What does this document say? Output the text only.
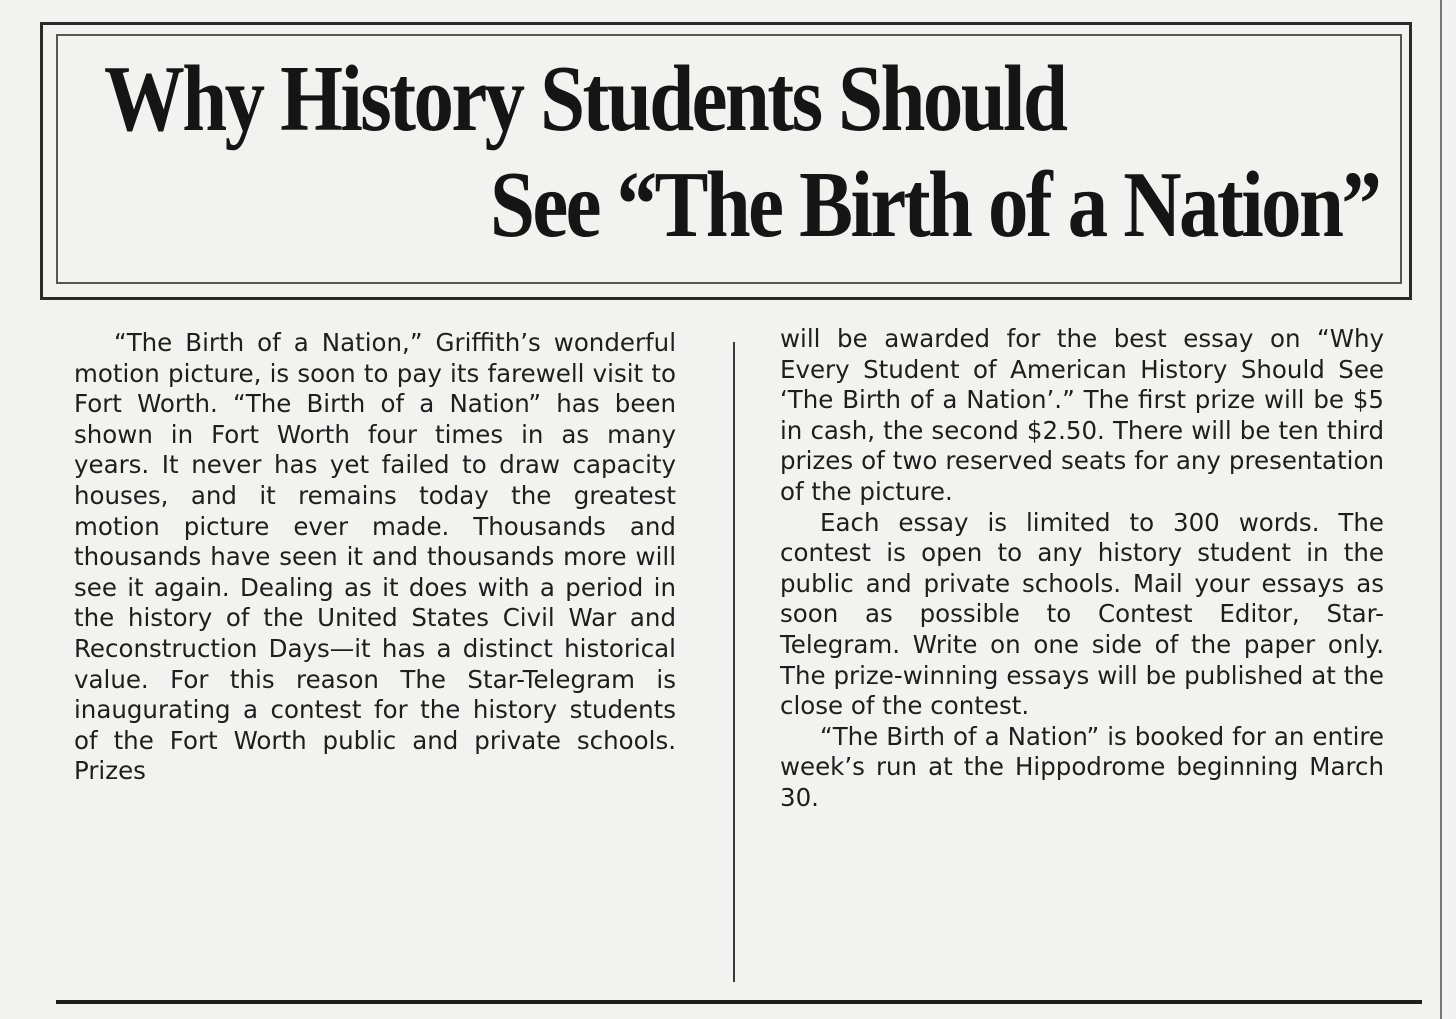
Why History Students Should
See “The Birth of a Nation”

“The Birth of a Nation,” Griffith’s wonderful motion picture, is soon to pay its farewell visit to Fort Worth. “The Birth of a Nation” has been shown in Fort Worth four times in as many years. It never has yet failed to draw capacity houses, and it remains today the greatest motion picture ever made. Thousands and thousands have seen it and thousands more will see it again. Dealing as it does with a period in the history of the United States Civil War and Reconstruction Days—it has a distinct historical value. For this reason The Star-Telegram is inaugurating a contest for the history students of the Fort Worth public and private schools. Prizes

will be awarded for the best essay on “Why Every Student of American History Should See ‘The Birth of a Nation’.” The first prize will be $5 in cash, the second $2.50. There will be ten third prizes of two reserved seats for any presentation of the picture.

Each essay is limited to 300 words. The contest is open to any history student in the public and private schools. Mail your essays as soon as possible to Contest Editor, Star-Telegram. Write on one side of the paper only. The prize-winning essays will be published at the close of the contest.

“The Birth of a Nation” is booked for an entire week’s run at the Hippodrome beginning March 30.
